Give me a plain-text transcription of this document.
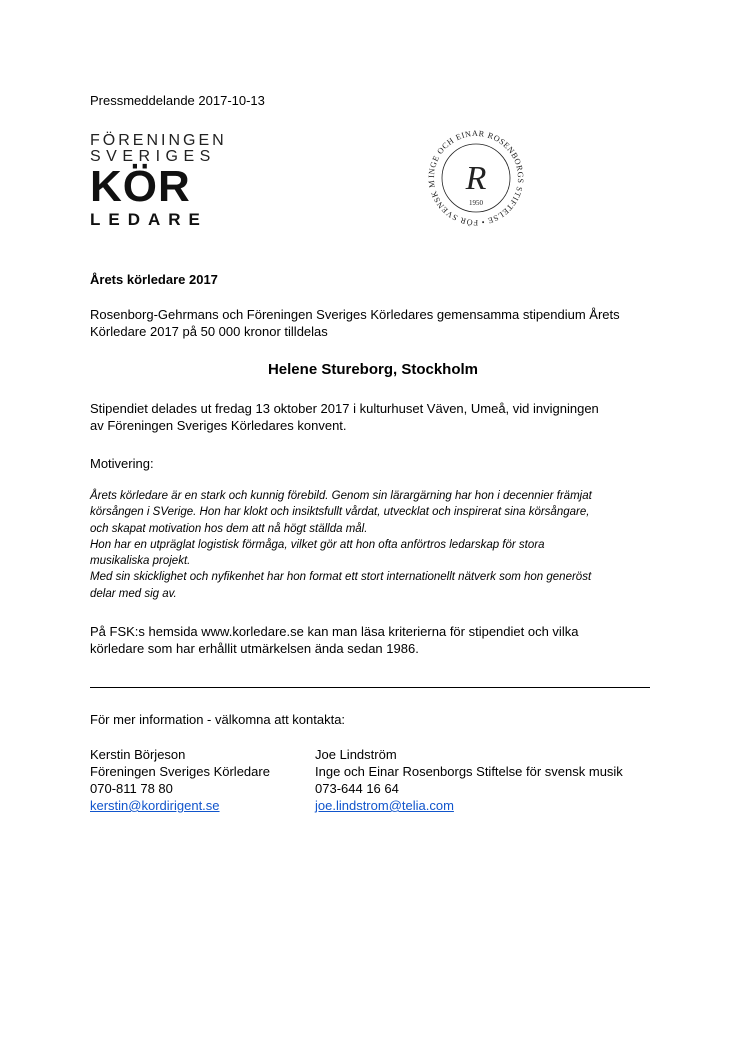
Pressmeddelande 2017-10-13
FÖRENINGEN
SVERIGES
KÖR
LEDARE
INGE OCH EINAR ROSENBORGS STIFTELSE • FÖR SVENSK M R
1950
Årets körledare 2017
Rosenborg-Gehrmans och Föreningen Sveriges Körledares gemensamma stipendium Årets Körledare 2017 på 50 000 kronor tilldelas
Helene Stureborg, Stockholm
Stipendiet delades ut fredag 13 oktober 2017 i kulturhuset Väven, Umeå, vid invigningen
av Föreningen Sveriges Körledares konvent.
Motivering:
Årets körledare är en stark och kunnig förebild. Genom sin lärargärning har hon i decennier främjat
körsången i SVerige. Hon har klokt och insiktsfullt vårdat, utvecklat och inspirerat sina körsångare,
och skapat motivation hos dem att nå högt ställda mål.
Hon har en utpräglat logistisk förmåga, vilket gör att hon ofta anförtros ledarskap för stora
musikaliska projekt.
Med sin skicklighet och nyfikenhet har hon format ett stort internationellt nätverk som hon generöst
delar med sig av.
På FSK:s hemsida www.korledare.se kan man läsa kriterierna för stipendiet och vilka
körledare som har erhållit utmärkelsen ända sedan 1986.
För mer information - välkomna att kontakta:
Kerstin Börjeson
Föreningen Sveriges Körledare
070-811 78 80
kerstin@kordirigent.se
Joe Lindström
Inge och Einar Rosenborgs Stiftelse för svensk musik
073-644 16 64
joe.lindstrom@telia.com
